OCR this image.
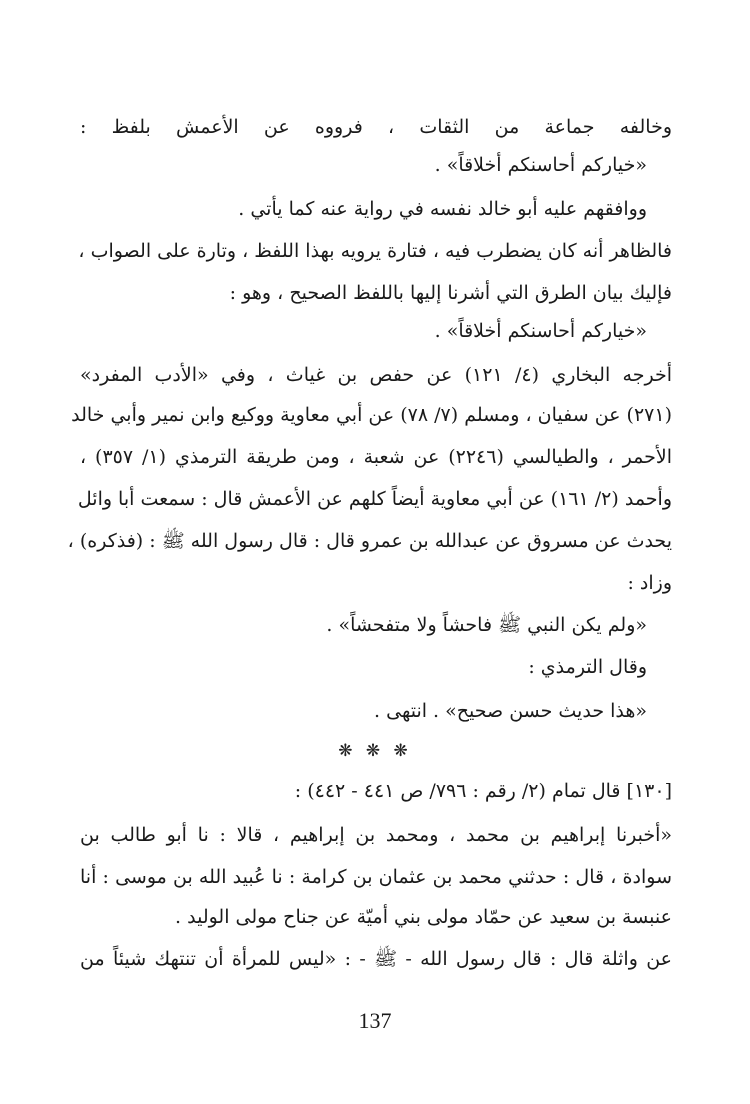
وخالفه جماعة من الثقات ، فرووه عن الأعمش بلفظ :
«خياركم أحاسنكم أخلاقاً» .
ووافقهم عليه أبو خالد نفسه في رواية عنه كما يأتي .
فالظاهر أنه كان يضطرب فيه ، فتارة يرويه بهذا اللفظ ، وتارة على الصواب ،
فإليك بيان الطرق التي أشرنا إليها باللفظ الصحيح ، وهو :
«خياركم أحاسنكم أخلاقاً» .
أخرجه البخاري (٤/ ١٢١) عن حفص بن غياث ، وفي «الأدب المفرد»
(٢٧١) عن سفيان ، ومسلم (٧/ ٧٨) عن أبي معاوية ووكيع وابن نمير وأبي خالد
الأحمر ، والطيالسي (٢٢٤٦) عن شعبة ، ومن طريقة الترمذي (١/ ٣٥٧) ،
وأحمد (٢/ ١٦١) عن أبي معاوية أيضاً كلهم عن الأعمش قال : سمعت أبا وائل
يحدث عن مسروق عن عبدالله بن عمرو قال : قال رسول الله ﷺ : (فذكره) ،
وزاد :
«ولم يكن النبي ﷺ فاحشاً ولا متفحشاً» .
وقال الترمذي :
«هذا حديث حسن صحيح» . انتهى .
❋ ❋ ❋
[١٣٠] قال تمام (٢/ رقم : ٧٩٦/ ص ٤٤١ - ٤٤٢) :
«أخبرنا إبراهيم بن محمد ، ومحمد بن إبراهيم ، قالا : نا أبو طالب بن
سوادة ، قال : حدثني محمد بن عثمان بن كرامة : نا عُبيد الله بن موسى : أنا
عنبسة بن سعيد عن حمّاد مولى بني أميّة عن جناح مولى الوليد .
عن واثلة قال : قال رسول الله - ﷺ - : «ليس للمرأة أن تنتهك شيئاً من
137
